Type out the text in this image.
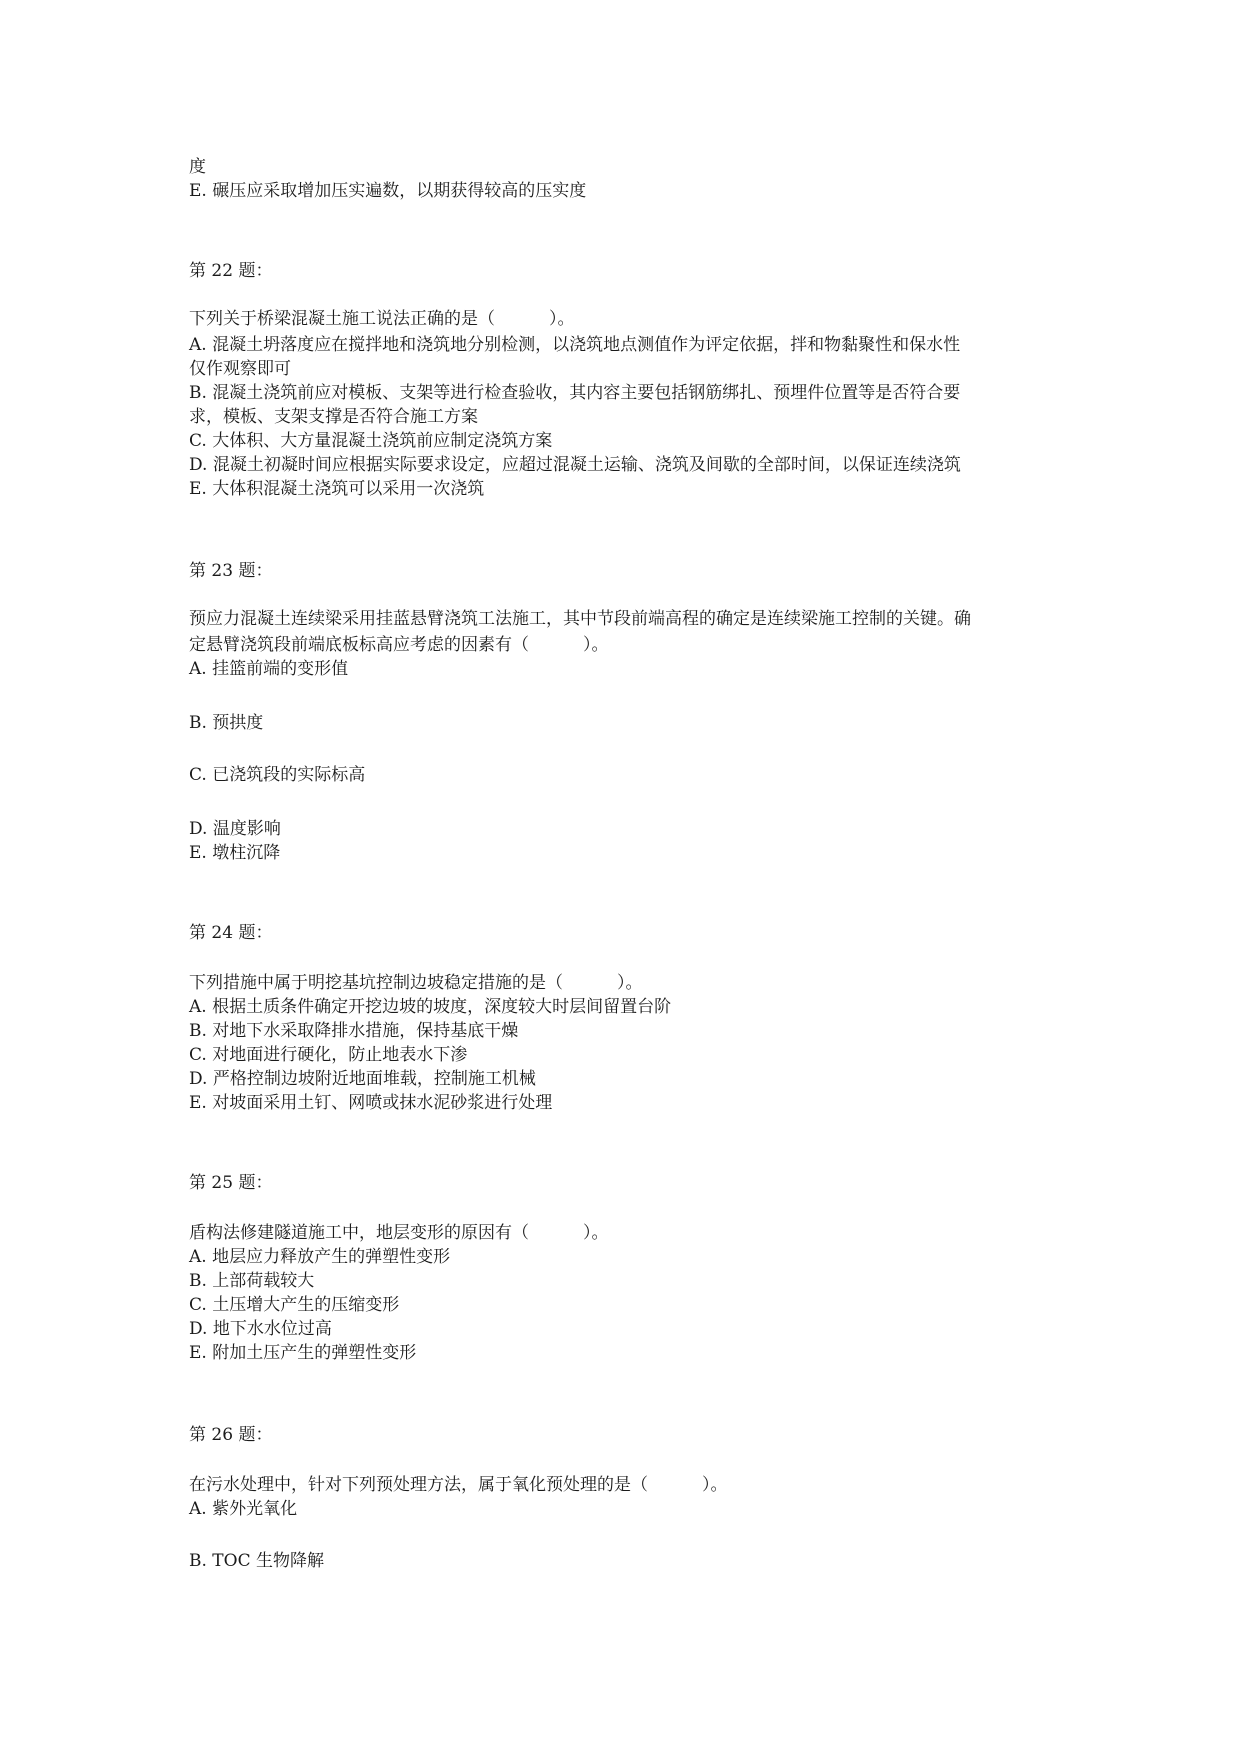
度
E. 碾压应采取增加压实遍数，以期获得较高的压实度
第 22 题：
下列关于桥梁混凝土施工说法正确的是（          ）。
A. 混凝土坍落度应在搅拌地和浇筑地分别检测，以浇筑地点测值作为评定依据，拌和物黏聚性和保水性
仅作观察即可
B. 混凝土浇筑前应对模板、支架等进行检查验收，其内容主要包括钢筋绑扎、预埋件位置等是否符合要
求，模板、支架支撑是否符合施工方案
C. 大体积、大方量混凝土浇筑前应制定浇筑方案
D. 混凝土初凝时间应根据实际要求设定，应超过混凝土运输、浇筑及间歇的全部时间，以保证连续浇筑
E. 大体积混凝土浇筑可以采用一次浇筑
第 23 题：
预应力混凝土连续梁采用挂蓝悬臂浇筑工法施工，其中节段前端高程的确定是连续梁施工控制的关键。确
定悬臂浇筑段前端底板标高应考虑的因素有（          ）。
A. 挂篮前端的变形值
B. 预拱度
C. 已浇筑段的实际标高
D. 温度影响
E. 墩柱沉降
第 24 题：
下列措施中属于明挖基坑控制边坡稳定措施的是（          ）。
A. 根据土质条件确定开挖边坡的坡度，深度较大时层间留置台阶
B. 对地下水采取降排水措施，保持基底干燥
C. 对地面进行硬化，防止地表水下渗
D. 严格控制边坡附近地面堆载，控制施工机械
E. 对坡面采用土钉、网喷或抹水泥砂浆进行处理
第 25 题：
盾构法修建隧道施工中，地层变形的原因有（          ）。
A. 地层应力释放产生的弹塑性变形
B. 上部荷载较大
C. 土压增大产生的压缩变形
D. 地下水水位过高
E. 附加土压产生的弹塑性变形
第 26 题：
在污水处理中，针对下列预处理方法，属于氧化预处理的是（          ）。
A. 紫外光氧化
B. TOC 生物降解
